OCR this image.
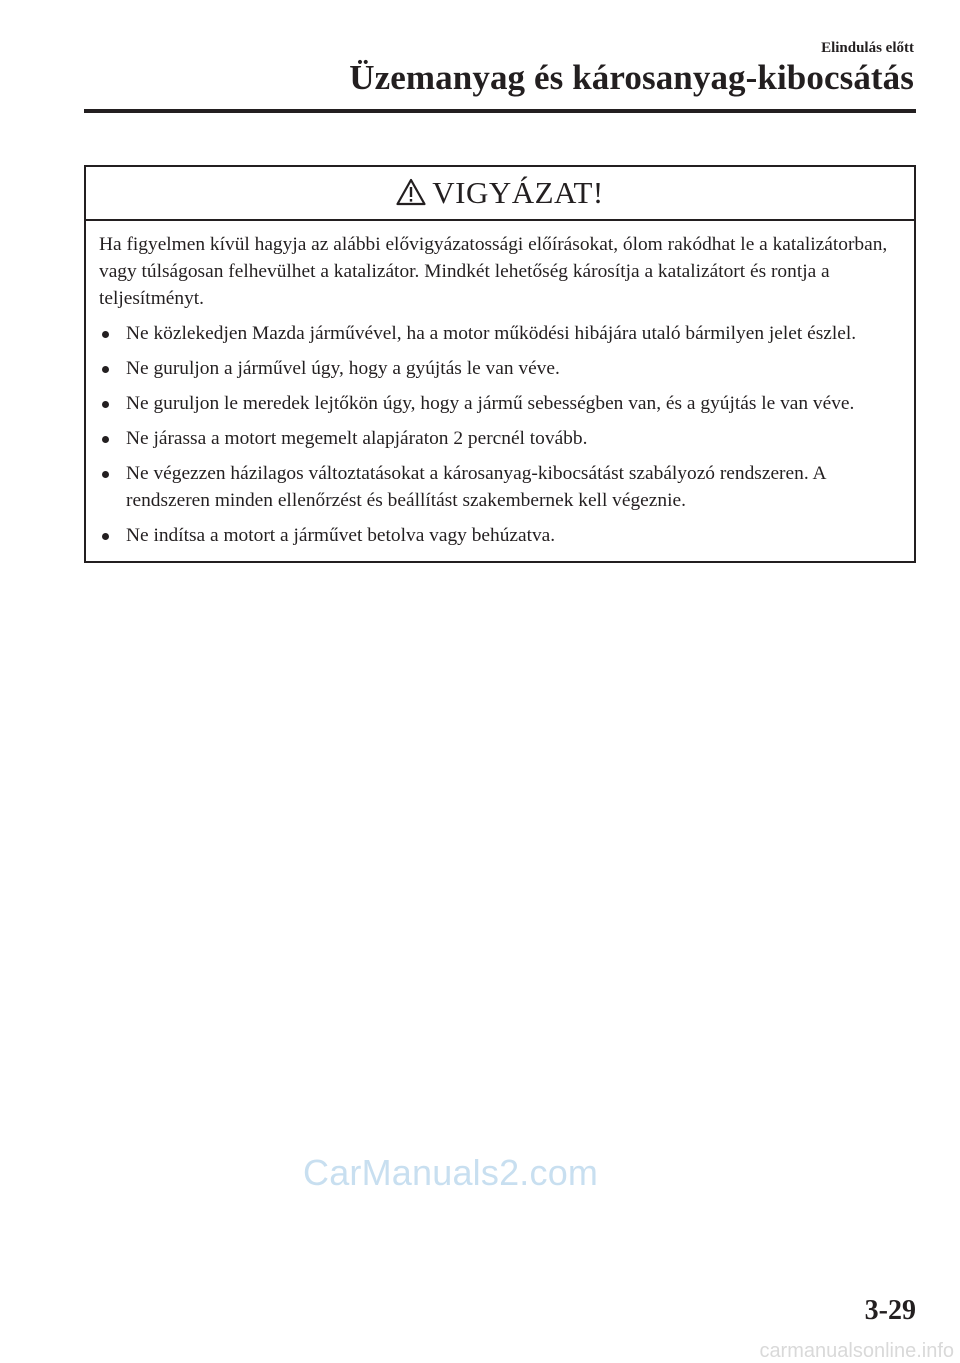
Elindulás előtt
Üzemanyag és károsanyag-kibocsátás
VIGYÁZAT!

Ha figyelmen kívül hagyja az alábbi elővigyázatossági előírásokat, ólom rakódhat le a katalizátorban, vagy túlságosan felhevülhet a katalizátor. Mindkét lehetőség károsítja a katalizátort és rontja a teljesítményt.

Ne közlekedjen Mazda járművével, ha a motor működési hibájára utaló bármilyen jelet észlel.
Ne guruljon a járművel úgy, hogy a gyújtás le van véve.
Ne guruljon le meredek lejtőkön úgy, hogy a jármű sebességben van, és a gyújtás le van véve.
Ne járassa a motort megemelt alapjáraton 2 percnél tovább.
Ne végezzen házilagos változtatásokat a károsanyag-kibocsátást szabályozó rendszeren. A rendszeren minden ellenőrzést és beállítást szakembernek kell végeznie.
Ne indítsa a motort a járművet betolva vagy behúzatva.
CarManuals2.com
3-29
carmanualsonline.info
